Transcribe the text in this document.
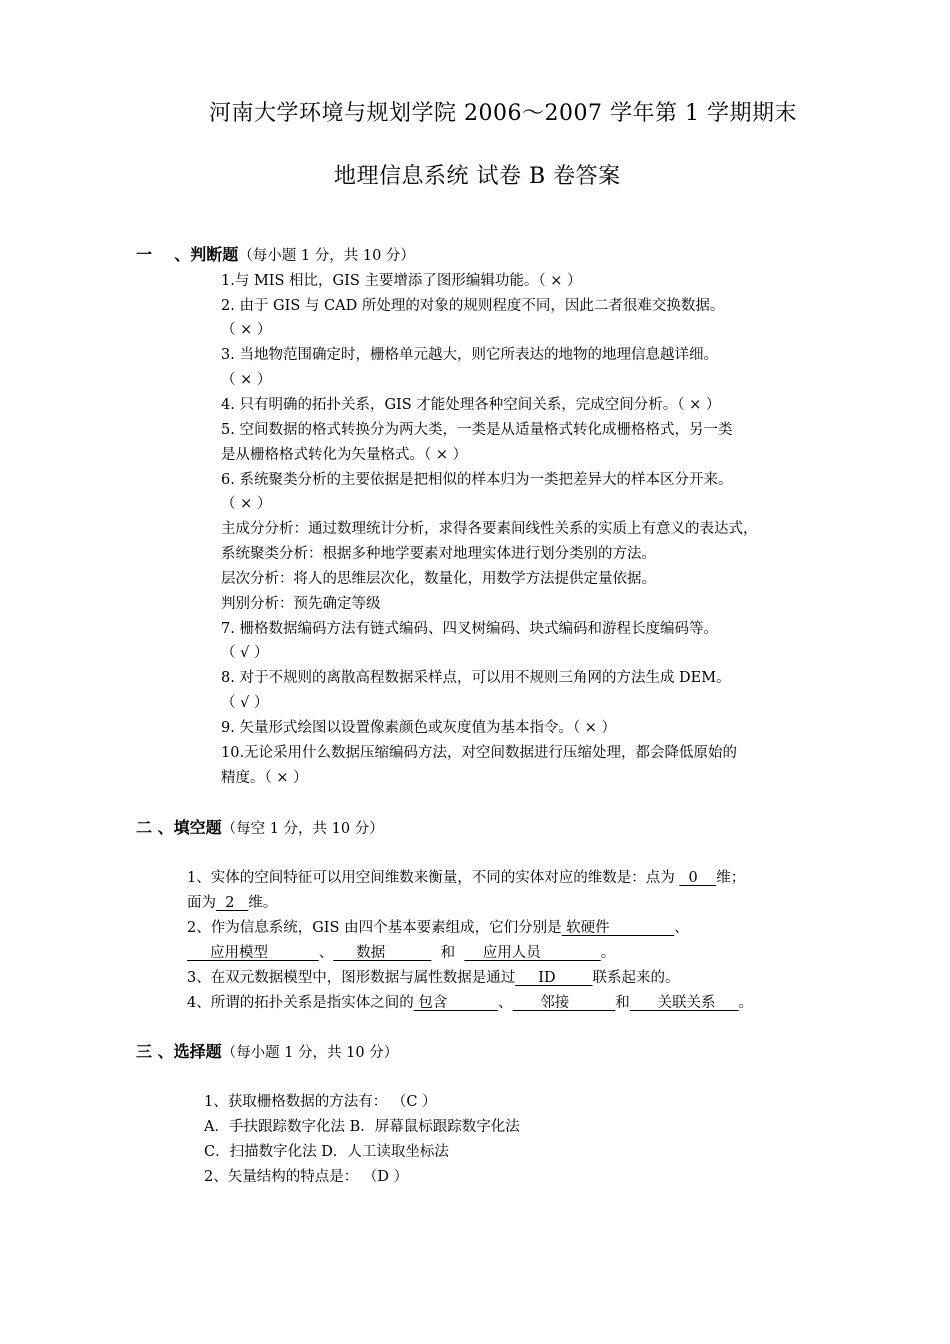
河南大学环境与规划学院 2006～2007 学年第 1 学期期末
地理信息系统 试卷 B 卷答案
一 、判断题（每小题 1 分，共 10 分）
1.与 MIS 相比，GIS 主要增添了图形编辑功能。（ × ）
2. 由于 GIS 与 CAD 所处理的对象的规则程度不同，因此二者很难交换数据。
（ × ）
3. 当地物范围确定时，栅格单元越大，则它所表达的地物的地理信息越详细。
（ × ）
4. 只有明确的拓扑关系，GIS 才能处理各种空间关系，完成空间分析。（ × ）
5. 空间数据的格式转换分为两大类，一类是从适量格式转化成栅格格式，另一类
是从栅格格式转化为矢量格式。（ × ）
6. 系统聚类分析的主要依据是把相似的样本归为一类把差异大的样本区分开来。
（ × ）
主成分分析：通过数理统计分析，求得各要素间线性关系的实质上有意义的表达式，
系统聚类分析：根据多种地学要素对地理实体进行划分类别的方法。
层次分析：将人的思维层次化，数量化，用数学方法提供定量依据。
判别分析：预先确定等级
7. 栅格数据编码方法有链式编码、四叉树编码、块式编码和游程长度编码等。
（ √ ）
8. 对于不规则的离散高程数据采样点，可以用不规则三角网的方法生成 DEM。
（ √ ）
9. 矢量形式绘图以设置像素颜色或灰度值为基本指令。（ × ）
10.无论采用什么数据压缩编码方法，对空间数据进行压缩处理，都会降低原始的
精度。（ × ）
二 、填空题（每空 1 分，共 10 分）
1、实体的空间特征可以用空间维数来衡量，不同的实体对应的维数是：点为   0    维；
面为  2   维。
2、作为信息系统，GIS 由四个基本要素组成，它们分别是 软硬件              、
应用模型           、     数据            和      应用人员             。
3、在双元数据模型中，图形数据与属性数据是通过     ID        联系起来的。
4、所谓的拓扑关系是指实体之间的 包含           、      邻接          和      关联关系     。
三 、选择题（每小题 1 分，共 10 分）
1、获取栅格数据的方法有： （C ）
A．手扶跟踪数字化法 B．屏幕鼠标跟踪数字化法
C．扫描数字化法 D．人工读取坐标法
2、矢量结构的特点是： （D ）
